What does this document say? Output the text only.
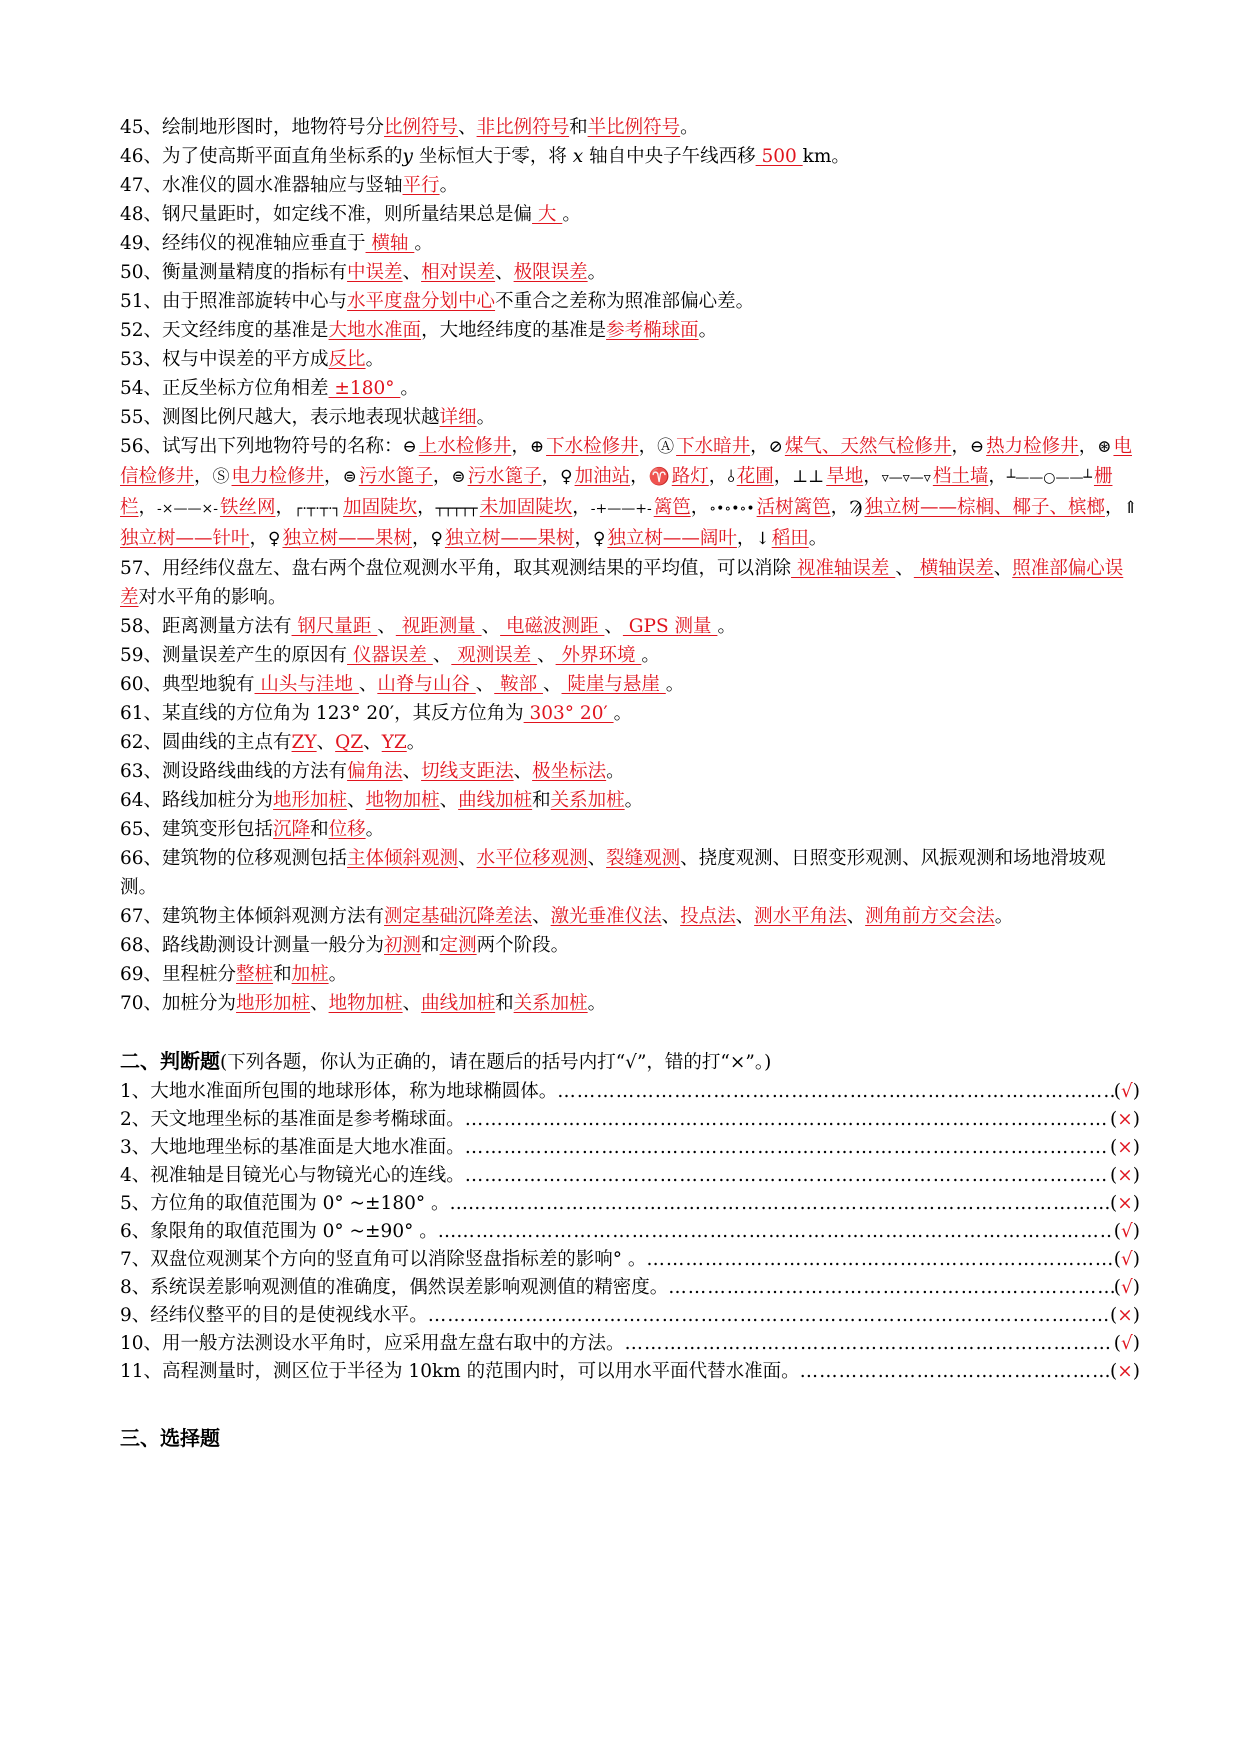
45、绘制地形图时，地物符号分比例符号、非比例符号和半比例符号。
46、为了使高斯平面直角坐标系的y 坐标恒大于零，将 x 轴自中央子午线西移 500 km。
47、水准仪的圆水准器轴应与竖轴平行。
48、钢尺量距时，如定线不准，则所量结果总是偏 大 。
49、经纬仪的视准轴应垂直于 横轴 。
50、衡量测量精度的指标有中误差、相对误差、极限误差。
51、由于照准部旋转中心与水平度盘分划中心不重合之差称为照准部偏心差。
52、天文经纬度的基准是大地水准面，大地经纬度的基准是参考椭球面。
53、权与中误差的平方成反比。
54、正反坐标方位角相差 ±180° 。
55、测图比例尺越大，表示地表现状越详细。
56、试写出下列地物符号的名称：⊖ 上水检修井，⊕ 下水检修井，Ⓐ 下水暗井，⊘ 煤气、天然气检修井，⊖ 热力检修井，⊛ 电信检修井，Ⓢ 电力检修井，⊜ 污水篦子，⊜ 污水篦子，♀ 加油站，♈ 路灯，⫰ 花圃，⊥⊥ 旱地，▿—▿—▿ 档土墙，┴——○——┴ 栅栏，-×——×- 铁丝网，┌·┬·┬·┐ 加固陡坎，┬┬┬┬┬ 未加固陡坎，-+——+- 篱笆，∘•∘•∘• 活树篱笆，Ϡ 独立树——棕榈、椰子、槟榔，⇑独立树——针叶，♀ 独立树——果树，♀ 独立树——果树，♀ 独立树——阔叶，↓ 稻田。
57、用经纬仪盘左、盘右两个盘位观测水平角，取其观测结果的平均值，可以消除 视准轴误差 、 横轴误差、照准部偏心误差对水平角的影响。
58、距离测量方法有 钢尺量距 、 视距测量 、 电磁波测距 、 GPS 测量 。
59、测量误差产生的原因有 仪器误差 、 观测误差 、 外界环境 。
60、典型地貌有 山头与洼地 、山脊与山谷 、 鞍部 、 陡崖与悬崖 。
61、某直线的方位角为 123° 20′，其反方位角为 303° 20′ 。
62、圆曲线的主点有ZY、QZ、YZ。
63、测设路线曲线的方法有偏角法、切线支距法、极坐标法。
64、路线加桩分为地形加桩、地物加桩、曲线加桩和关系加桩。
65、建筑变形包括沉降和位移。
66、建筑物的位移观测包括主体倾斜观测、水平位移观测、裂缝观测、挠度观测、日照变形观测、风振观测和场地滑坡观测。
67、建筑物主体倾斜观测方法有测定基础沉降差法、激光垂准仪法、投点法、测水平角法、测角前方交会法。
68、路线勘测设计测量一般分为初测和定测两个阶段。
69、里程桩分整桩和加桩。
70、加桩分为地形加桩、地物加桩、曲线加桩和关系加桩。
二、判断题(下列各题，你认为正确的，请在题后的括号内打“√”，错的打“×”。)
1、大地水准面所包围的地球形体，称为地球椭圆体。 ………………………………………………………………………………………………………………………………………………………………	(√)
2、天文地理坐标的基准面是参考椭球面。 ………………………………………………………………………………………………………………………………………………………………	(×)
3、大地地理坐标的基准面是大地水准面。 ………………………………………………………………………………………………………………………………………………………………	(×)
4、视准轴是目镜光心与物镜光心的连线。 ………………………………………………………………………………………………………………………………………………………………	(×)
5、方位角的取值范围为 0° ~±180° 。… ………………………………………………………………………………………………………………………………………………………………	(×)
6、象限角的取值范围为 0° ~±90° 。… ………………………………………………………………………………………………………………………………………………………………	(√)
7、双盘位观测某个方向的竖直角可以消除竖盘指标差的影响° 。 ………………………………………………………………………………………………………………………………………………………………	(√)
8、系统误差影响观测值的准确度，偶然误差影响观测值的精密度。 ………………………………………………………………………………………………………………………………………………………………	(√)
9、经纬仪整平的目的是使视线水平。 ………………………………………………………………………………………………………………………………………………………………	(×)
10、用一般方法测设水平角时，应采用盘左盘右取中的方法。 ………………………………………………………………………………………………………………………………………………………………	(√)
11、高程测量时，测区位于半径为 10km 的范围内时，可以用水平面代替水准面。 ………………………………………………………………………………………………………………………………………………………………	(×)
三、选择题
